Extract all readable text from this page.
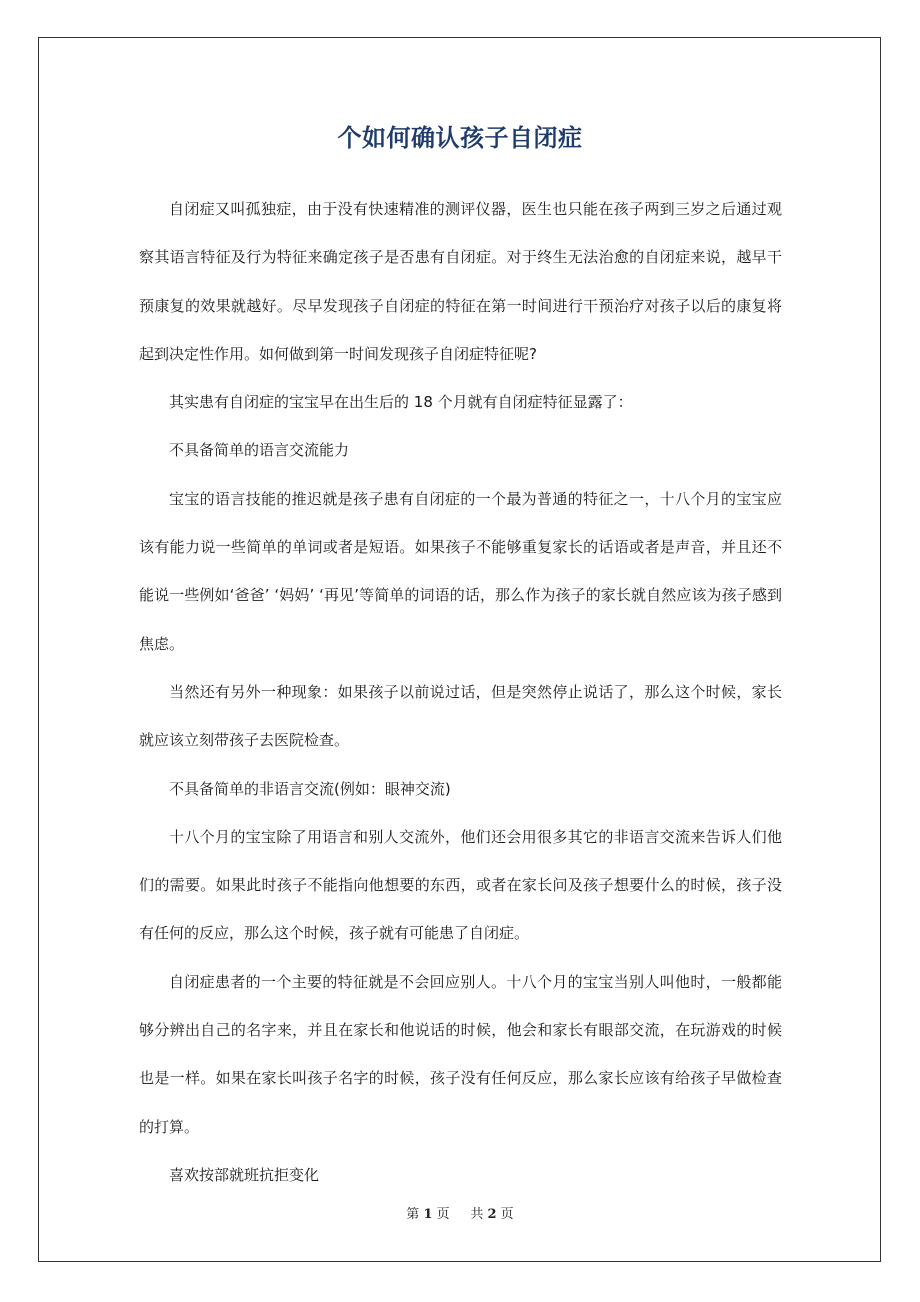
个如何确认孩子自闭症

自闭症又叫孤独症，由于没有快速精准的测评仪器，医生也只能在孩子两到三岁之后通过观察其语言特征及行为特征来确定孩子是否患有自闭症。对于终生无法治愈的自闭症来说，越早干预康复的效果就越好。尽早发现孩子自闭症的特征在第一时间进行干预治疗对孩子以后的康复将起到决定性作用。如何做到第一时间发现孩子自闭症特征呢?

其实患有自闭症的宝宝早在出生后的 18 个月就有自闭症特征显露了：

不具备简单的语言交流能力

宝宝的语言技能的推迟就是孩子患有自闭症的一个最为普通的特征之一，十八个月的宝宝应该有能力说一些简单的单词或者是短语。如果孩子不能够重复家长的话语或者是声音，并且还不能说一些例如‘爸爸’ ‘妈妈’ ‘再见’等简单的词语的话，那么作为孩子的家长就自然应该为孩子感到焦虑。

当然还有另外一种现象：如果孩子以前说过话，但是突然停止说话了，那么这个时候，家长就应该立刻带孩子去医院检查。

不具备简单的非语言交流(例如：眼神交流)

十八个月的宝宝除了用语言和别人交流外，他们还会用很多其它的非语言交流来告诉人们他们的需要。如果此时孩子不能指向他想要的东西，或者在家长问及孩子想要什么的时候，孩子没有任何的反应，那么这个时候，孩子就有可能患了自闭症。

自闭症患者的一个主要的特征就是不会回应别人。十八个月的宝宝当别人叫他时，一般都能够分辨出自己的名字来，并且在家长和他说话的时候，他会和家长有眼部交流，在玩游戏的时候也是一样。如果在家长叫孩子名字的时候，孩子没有任何反应，那么家长应该有给孩子早做检查的打算。

喜欢按部就班抗拒变化

第 1 页 共 2 页
